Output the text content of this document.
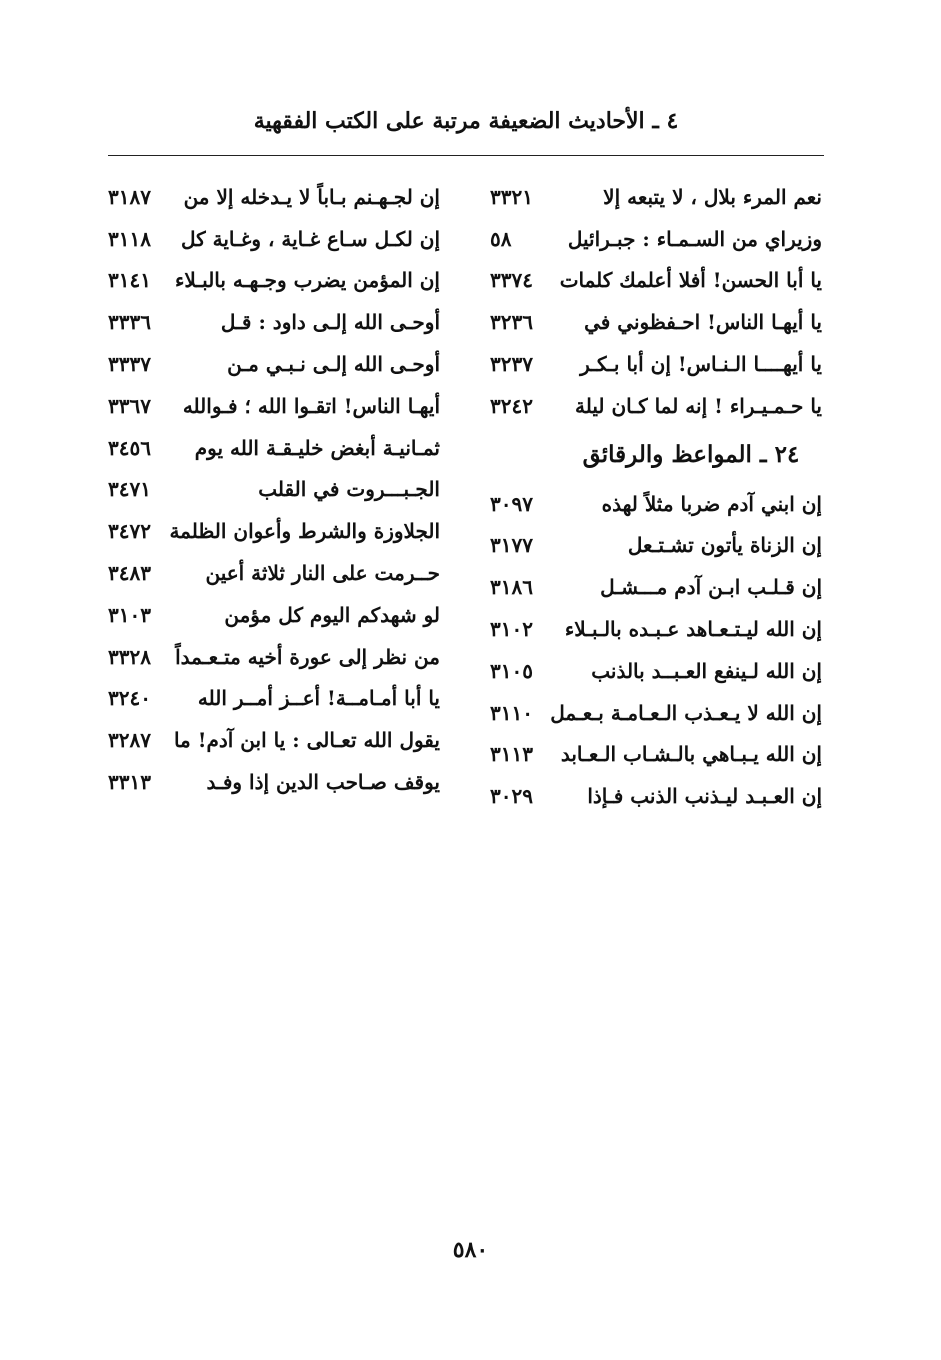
٤ ـ الأحاديث الضعيفة مرتبة على الكتب الفقهية
نعم المرء بلال ، لا يتبعه إلا
٣٣٢١
وزيراي من السـمـاء : جبـرائيل
٥٨
يا أبا الحسن! أفلا أعلمك كلمات
٣٣٧٤
يا أيهـا الناس! احـفظوني في
٣٢٣٦
يا أيهــــا الـنـاس! إن أبا بـكـر
٣٢٣٧
يا حـمـيـراء ! إنه لما كـان ليلة
٣٢٤٢
٢٤ ـ المواعظ والرقائق
إن ابني آدم ضربا مثلاً لهذه
٣٠٩٧
إن الزناة يأتون تشـتـعل
٣١٧٧
إن قـلـب ابـن آدم مـــشـل
٣١٨٦
إن الله ليـتـعـاهد عـبـده بالـبـلاء
٣١٠٢
إن الله لـينفع العـبــد بالذنب
٣١٠٥
إن الله لا يـعـذب الـعـامـة بـعـمل
٣١١٠
إن الله يـبـاهي بالـشـاب الـعـابد
٣١١٣
إن العـبـد ليـذنب الذنب فـإذا
٣٠٢٩
إن لجـهـنم بـاباً لا يـدخله إلا من
٣١٨٧
إن لكـل سـاع غـاية ، وغـاية كل
٣١١٨
إن المؤمن يضرب وجـهـه بالبـلاء
٣١٤١
أوحـى الله إلـى داود : قـل
٣٣٣٦
أوحـى الله إلـى نـبـي مـن
٣٣٣٧
أيهـا الناس! اتقـوا الله ؛ فـوالله
٣٣٦٧
ثمـانيـة أبغض خليـقـة الله يوم
٣٤٥٦
الجـبـــروت في القلب
٣٤٧١
الجلاوزة والشرط وأعوان الظلمة
٣٤٧٢
حــرمت على النار ثلاثة أعين
٣٤٨٣
لو شهدكم اليوم كل مؤمن
٣١٠٣
من نظر إلى عورة أخيه متـعـمداً
٣٣٢٨
يا أبا أمـامــة! أعــز أمــر الله
٣٢٤٠
يقول الله تعـالى : يا ابن آدم! ما
٣٢٨٧
يوقف صـاحب الدين إذا وفـد
٣٣١٣
٥٨٠
